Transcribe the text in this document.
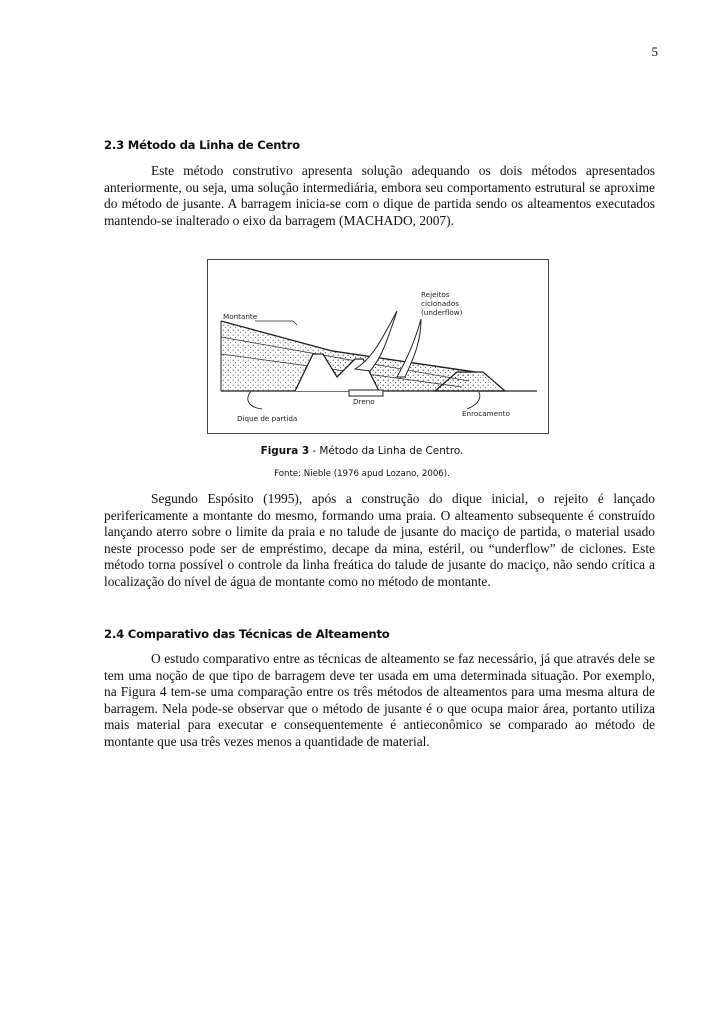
5
2.3 Método da Linha de Centro

Este método construtivo apresenta solução adequando os dois métodos apresentados anteriormente, ou seja, uma solução intermediária, embora seu comportamento estrutural se aproxime do método de jusante. A barragem inicia-se com o dique de partida sendo os alteamentos executados mantendo-se inalterado o eixo da barragem (MACHADO, 2007).

Montante
Rejeitos
ciclonados
(underflow)
Dreno
Dique de partida
Enrocamento

Figura 3 - Método da Linha de Centro.

Fonte: Nieble (1976 apud Lozano, 2006).

Segundo Espósito (1995), após a construção do dique inicial, o rejeito é lançado perifericamente a montante do mesmo, formando uma praia. O alteamento subsequente é construído lançando aterro sobre o limite da praia e no talude de jusante do maciço de partida, o material usado neste processo pode ser de empréstimo, decape da mina, estéril, ou “underflow” de ciclones. Este método torna possível o controle da linha freática do talude de jusante do maciço, não sendo crítica a localização do nível de água de montante como no método de montante.

2.4 Comparativo das Técnicas de Alteamento

O estudo comparativo entre as técnicas de alteamento se faz necessário, já que através dele se tem uma noção de que tipo de barragem deve ter usada em uma determinada situação. Por exemplo, na Figura 4 tem-se uma comparação entre os três métodos de alteamentos para uma mesma altura de barragem. Nela pode-se observar que o método de jusante é o que ocupa maior área, portanto utiliza mais material para executar e consequentemente é antieconômico se comparado ao método de montante que usa três vezes menos a quantidade de material.
